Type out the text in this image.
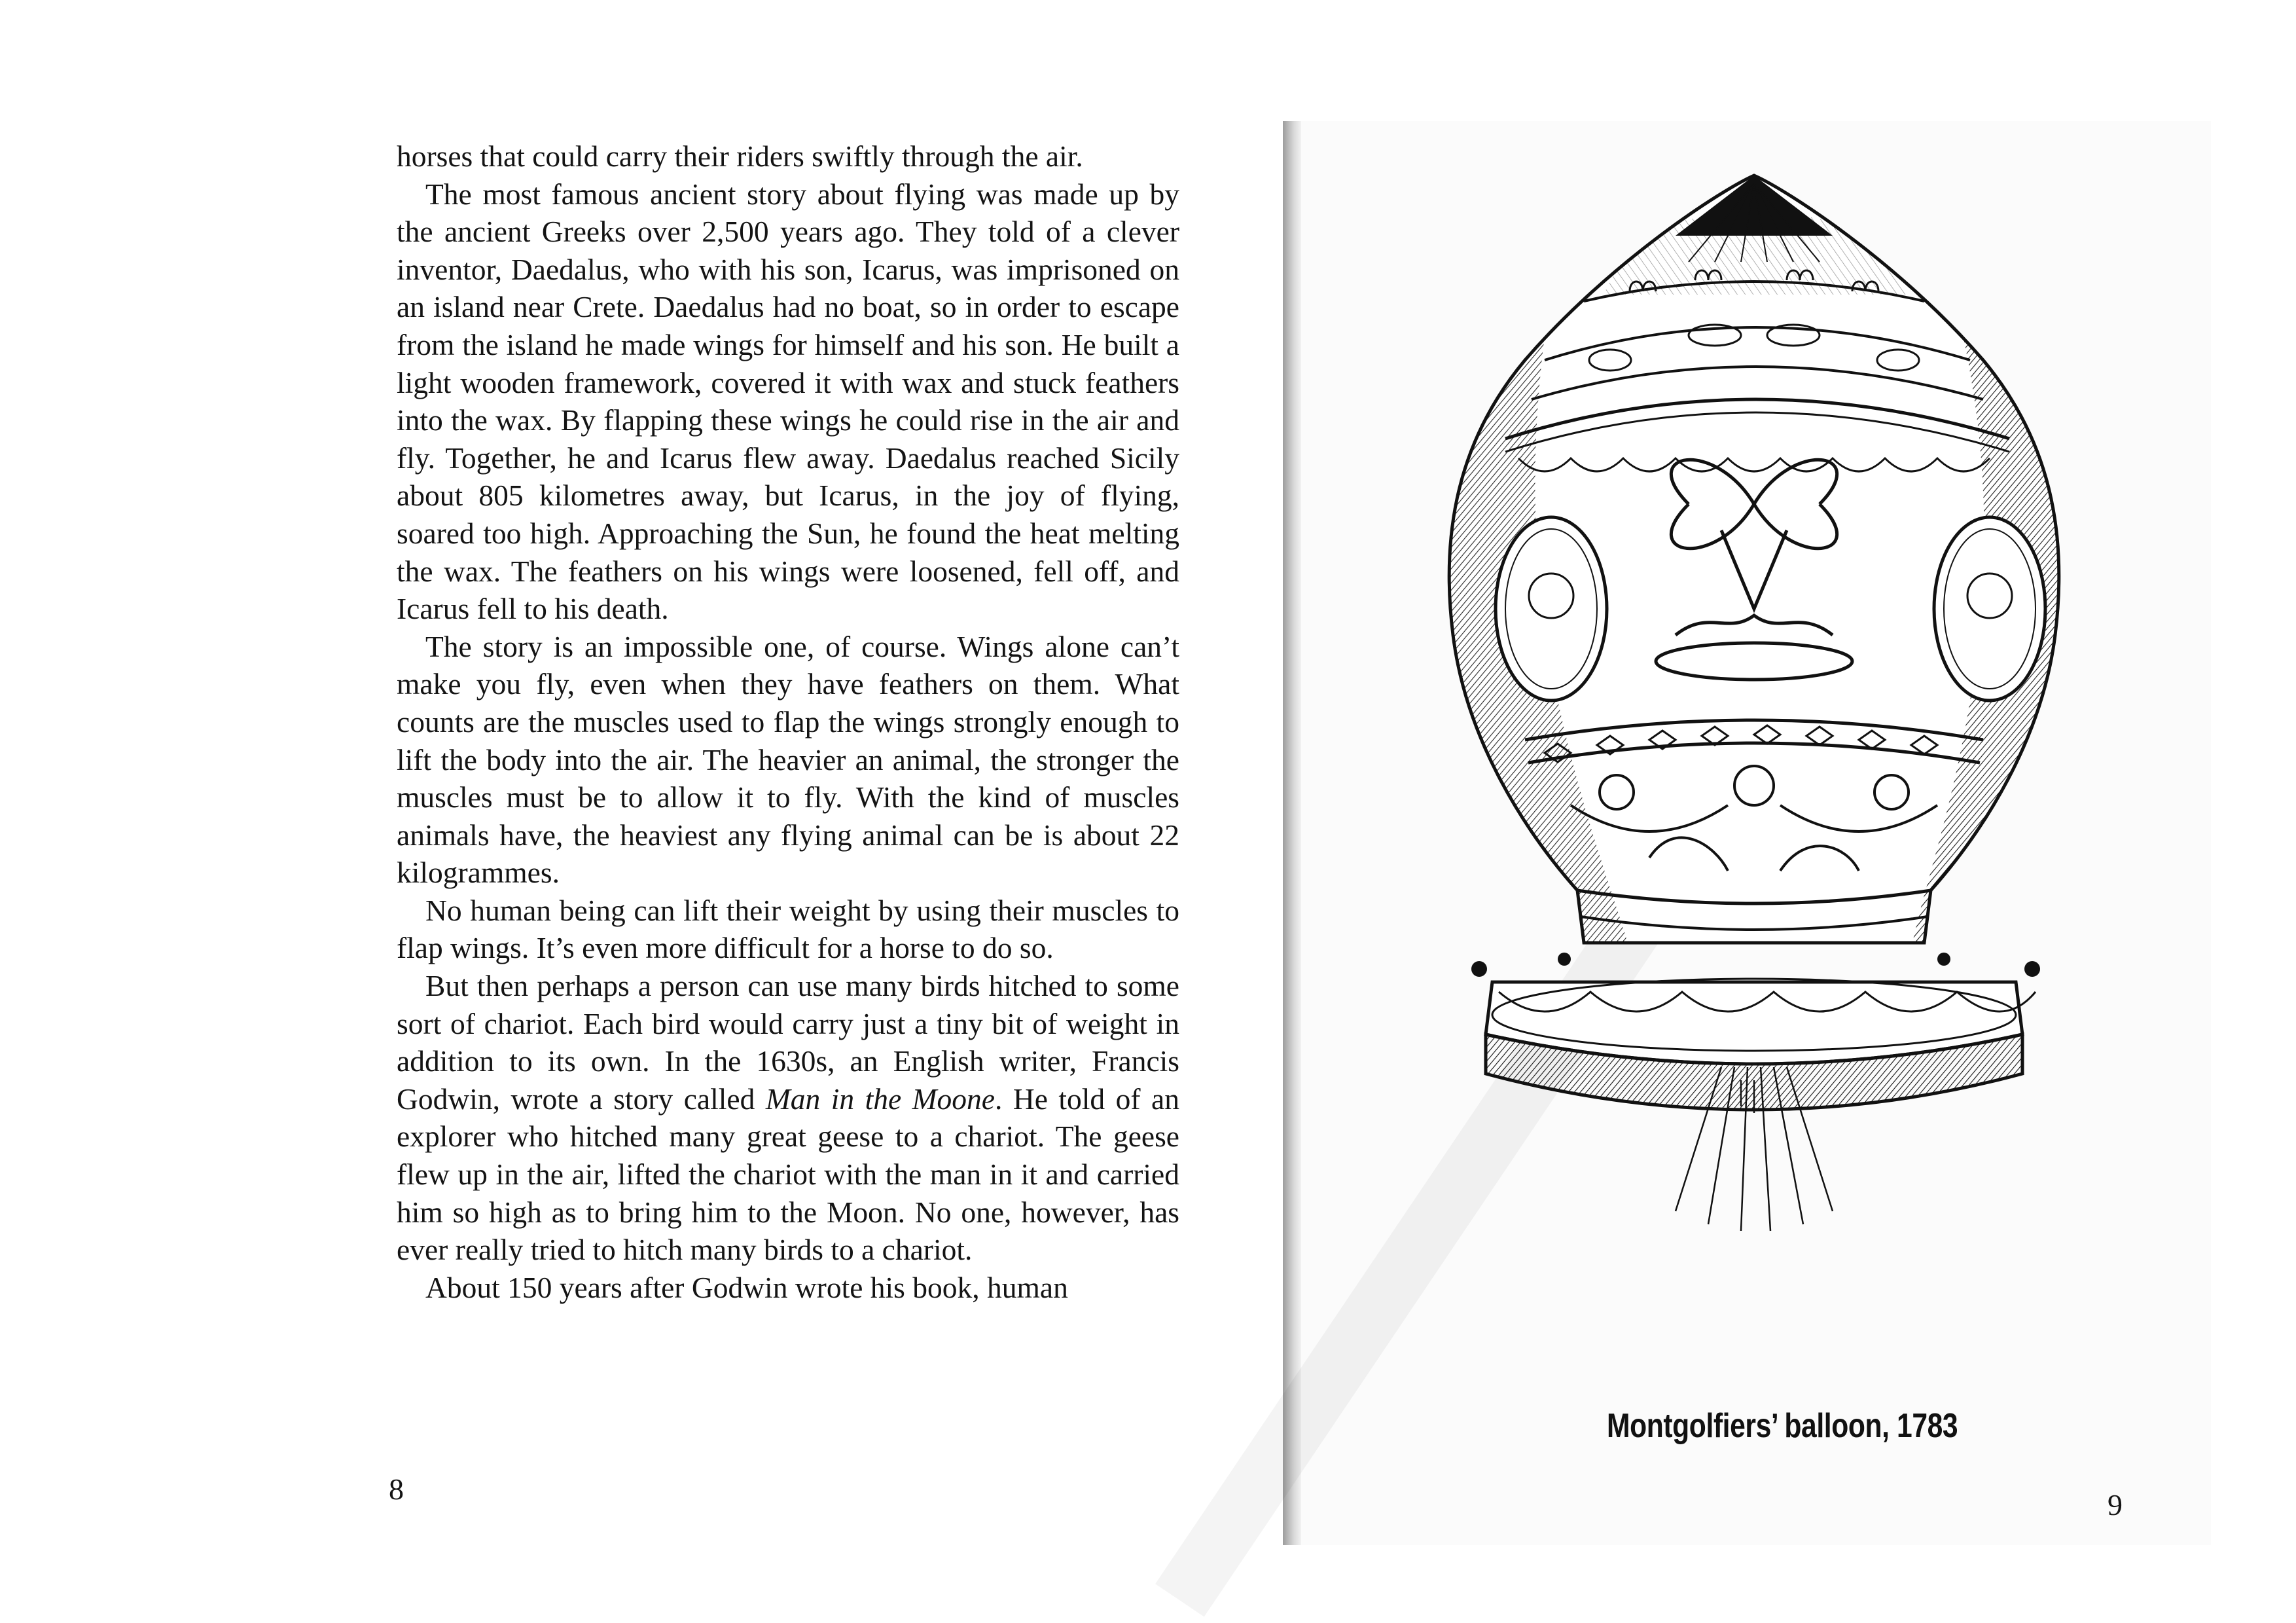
horses that could carry their riders swiftly through the air.

The most famous ancient story about flying was made up by the ancient Greeks over 2,500 years ago. They told of a clever inventor, Daedalus, who with his son, Icarus, was imprisoned on an island near Crete. Daedalus had no boat, so in order to escape from the island he made wings for himself and his son. He built a light wooden framework, covered it with wax and stuck feathers into the wax. By flapping these wings he could rise in the air and fly. Together, he and Icarus flew away. Daedalus reached Sicily about 805 kilometres away, but Icarus, in the joy of flying, soared too high. Approaching the Sun, he found the heat melting the wax. The feathers on his wings were loosened, fell off, and Icarus fell to his death.

The story is an impossible one, of course. Wings alone can’t make you fly, even when they have feathers on them. What counts are the muscles used to flap the wings strongly enough to lift the body into the air. The heavier an animal, the stronger the muscles must be to allow it to fly. With the kind of muscles animals have, the heaviest any flying animal can be is about 22 kilogrammes.

No human being can lift their weight by using their muscles to flap wings. It’s even more difficult for a horse to do so.

But then perhaps a person can use many birds hitched to some sort of chariot. Each bird would carry just a tiny bit of weight in addition to its own. In the 1630s, an English writer, Francis Godwin, wrote a story called Man in the Moone. He told of an explorer who hitched many great geese to a chariot. The geese flew up in the air, lifted the chariot with the man in it and carried him so high as to bring him to the Moon. No one, however, has ever really tried to hitch many birds to a chariot.

About 150 years after Godwin wrote his book, human

8
Montgolfiers’ balloon, 1783
9
